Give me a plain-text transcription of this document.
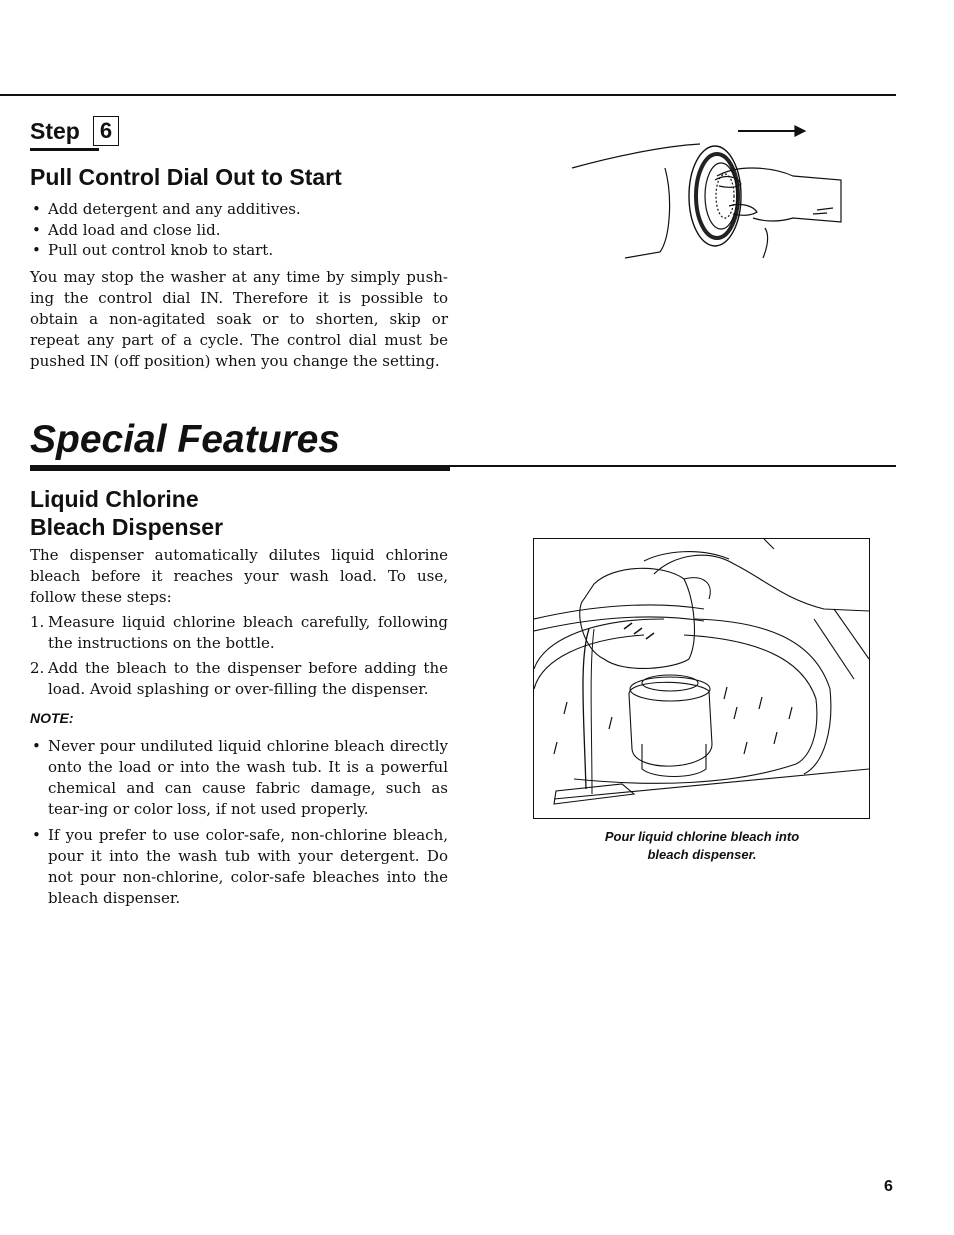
Step 6
Pull Control Dial Out to Start
• Add detergent and any additives.
• Add load and close lid.
• Pull out control knob to start.

You may stop the washer at any time by simply push-ing the control dial IN. Therefore it is possible to obtain a non-agitated soak or to shorten, skip or repeat any part of a cycle. The control dial must be pushed IN (off position) when you change the setting.

Special Features
Liquid Chlorine
Bleach Dispenser

The dispenser automatically dilutes liquid chlorine bleach before it reaches your wash load. To use, follow these steps:

1. Measure liquid chlorine bleach carefully, following the instructions on the bottle.
2. Add the bleach to the dispenser before adding the load. Avoid splashing or over-filling the dispenser.
NOTE:
• Never pour undiluted liquid chlorine bleach directly onto the load or into the wash tub. It is a powerful chemical and can cause fabric damage, such as tear-ing or color loss, if not used properly.
• If you prefer to use color-safe, non-chlorine bleach, pour it into the wash tub with your detergent. Do not pour non-chlorine, color-safe bleaches into the bleach dispenser.
Pour liquid chlorine bleach into
bleach dispenser.
6
